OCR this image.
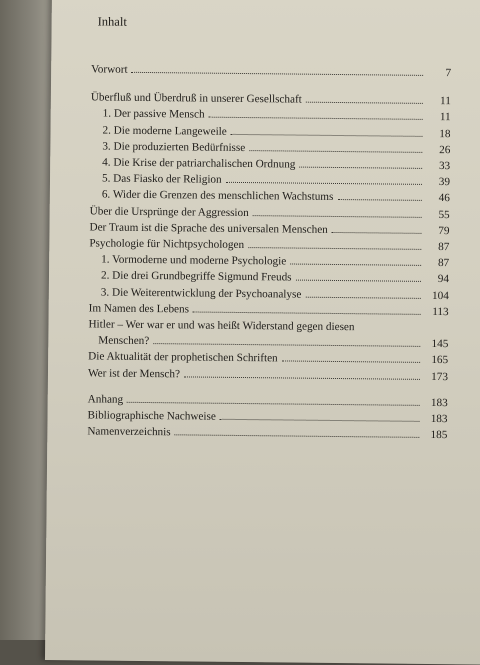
Inhalt
Vorwort	7
Überfluß und Überdruß in unserer Gesellschaft	11
1. Der passive Mensch	11
2. Die moderne Langeweile	18
3. Die produzierten Bedürfnisse	26
4. Die Krise der patriarchalischen Ordnung	33
5. Das Fiasko der Religion	39
6. Wider die Grenzen des menschlichen Wachstums	46
Über die Ursprünge der Aggression	55
Der Traum ist die Sprache des universalen Menschen	79
Psychologie für Nichtpsychologen	87
1. Vormoderne und moderne Psychologie	87
2. Die drei Grundbegriffe Sigmund Freuds	94
3. Die Weiterentwicklung der Psychoanalyse	104
Im Namen des Lebens	113
Hitler – Wer war er und was heißt Widerstand gegen diesen
Menschen?	145
Die Aktualität der prophetischen Schriften	165
Wer ist der Mensch?	173
Anhang	183
Bibliographische Nachweise	183
Namenverzeichnis	185
